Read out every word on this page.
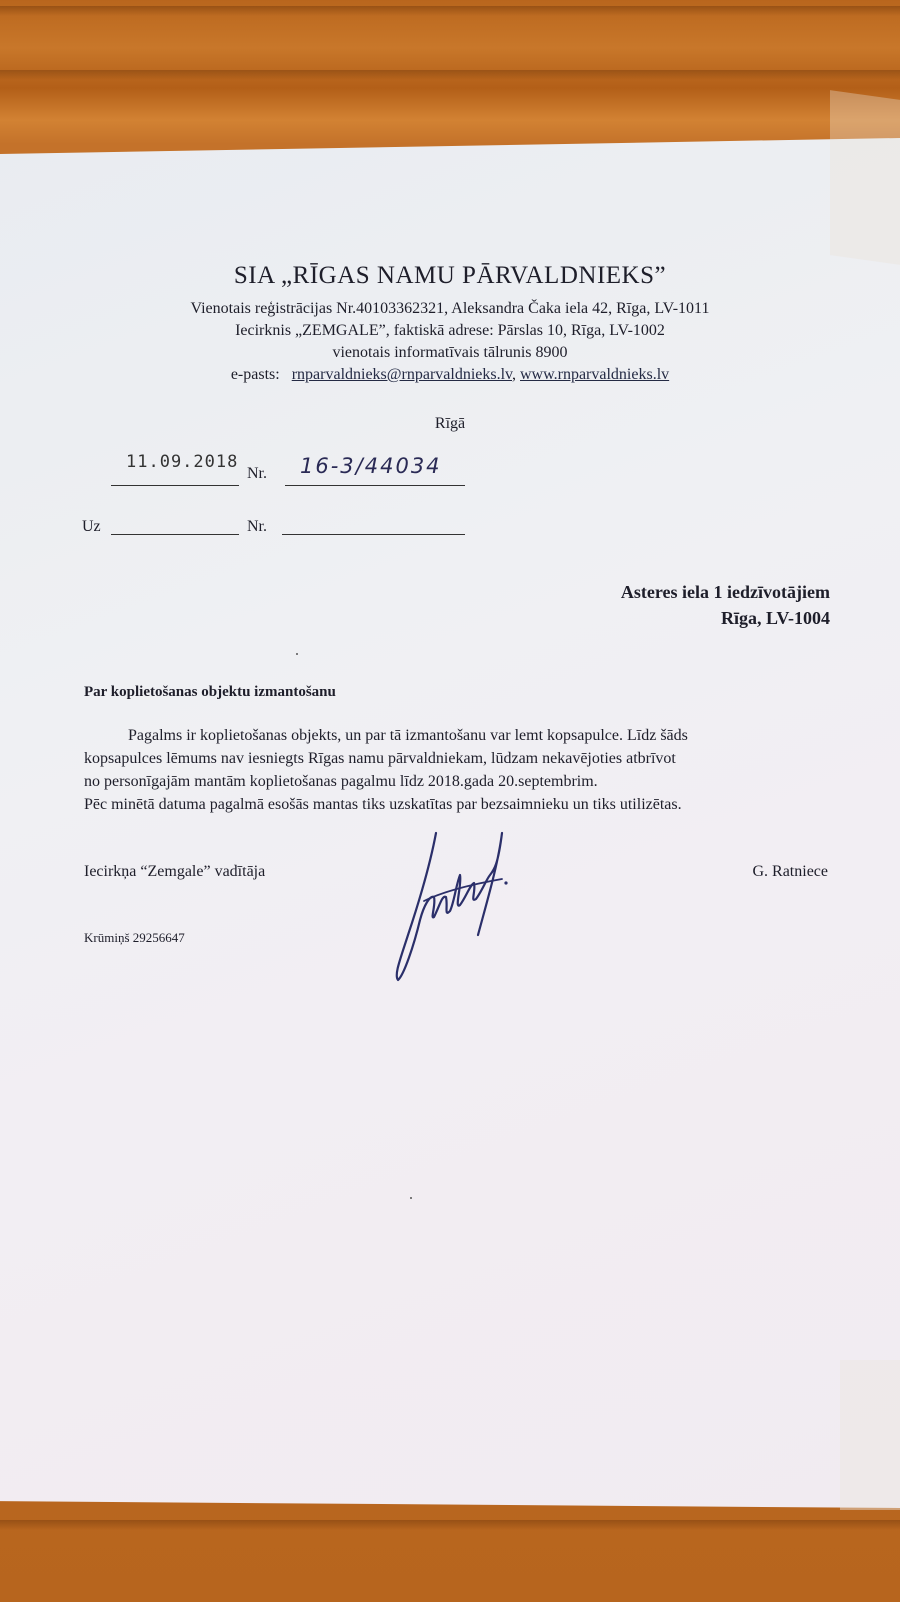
SIA „RĪGAS NAMU PĀRVALDNIEKS”
Vienotais reģistrācijas Nr.40103362321, Aleksandra Čaka iela 42, Rīga, LV-1011
Iecirknis „ZEMGALE”, faktiskā adrese: Pārslas 10, Rīga, LV-1002
vienotais informatīvais tālrunis 8900
e-pasts: rnparvaldnieks@rnparvaldnieks.lv, www.rnparvaldnieks.lv
Rīgā
11.09.2018
Nr. 16-3/44034
Uz	Nr.
Asteres iela 1 iedzīvotājiem
Rīga, LV-1004
Par koplietošanas objektu izmantošanu
Pagalms ir koplietošanas objekts, un par tā izmantošanu var lemt kopsapulce. Līdz šāds
kopsapulces lēmums nav iesniegts Rīgas namu pārvaldniekam, lūdzam nekavējoties atbrīvot
no personīgajām mantām koplietošanas pagalmu līdz 2018.gada 20.septembrim.
Pēc minētā datuma pagalmā esošās mantas tiks uzskatītas par bezsaimnieku un tiks utilizētas.
Iecirkņa “Zemgale” vadītāja	G. Ratniece
Krūmiņš 29256647
